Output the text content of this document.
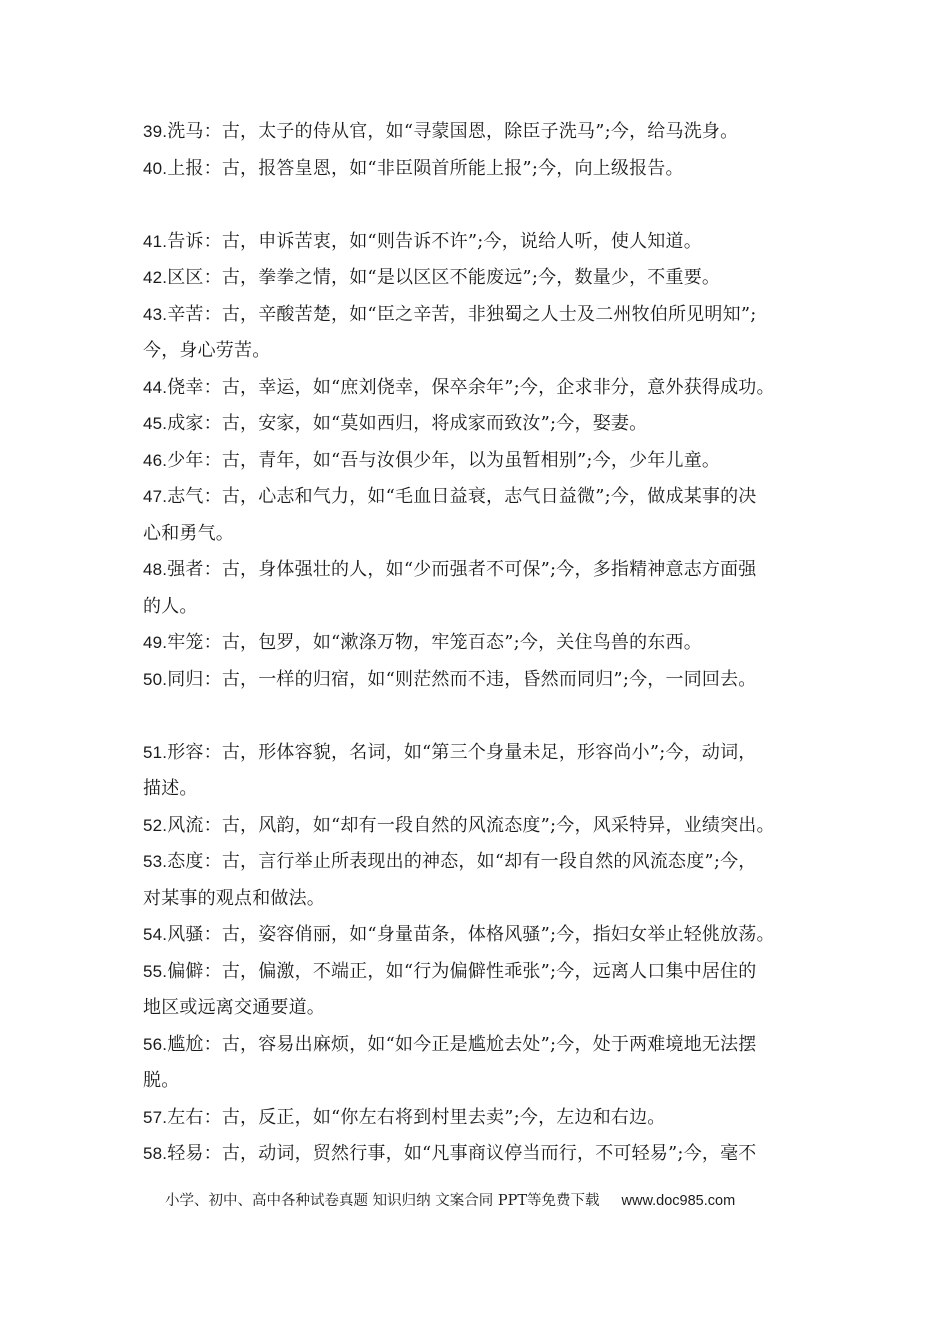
39.洗马：古，太子的侍从官，如“寻蒙国恩，除臣子洗马”;今，给马洗身。
40.上报：古，报答皇恩，如“非臣陨首所能上报”;今，向上级报告。
41.告诉：古，申诉苦衷，如“则告诉不许”;今，说给人听，使人知道。
42.区区：古，拳拳之情，如“是以区区不能废远”;今，数量少，不重要。
43.辛苦：古，辛酸苦楚，如“臣之辛苦，非独蜀之人士及二州牧伯所见明知”;
今，身心劳苦。
44.侥幸：古，幸运，如“庶刘侥幸，保卒余年”;今，企求非分，意外获得成功。
45.成家：古，安家，如“莫如西归，将成家而致汝”;今，娶妻。
46.少年：古，青年，如“吾与汝俱少年，以为虽暂相别”;今，少年儿童。
47.志气：古，心志和气力，如“毛血日益衰，志气日益微”;今，做成某事的决
心和勇气。
48.强者：古，身体强壮的人，如“少而强者不可保”;今，多指精神意志方面强
的人。
49.牢笼：古，包罗，如“漱涤万物，牢笼百态”;今，关住鸟兽的东西。
50.同归：古，一样的归宿，如“则茫然而不违，昏然而同归”;今，一同回去。
51.形容：古，形体容貌，名词，如“第三个身量未足，形容尚小”;今，动词，
描述。
52.风流：古，风韵，如“却有一段自然的风流态度”;今，风采特异，业绩突出。
53.态度：古，言行举止所表现出的神态，如“却有一段自然的风流态度”;今，
对某事的观点和做法。
54.风骚：古，姿容俏丽，如“身量苗条，体格风骚”;今，指妇女举止轻佻放荡。
55.偏僻：古，偏激，不端正，如“行为偏僻性乖张”;今，远离人口集中居住的
地区或远离交通要道。
56.尴尬：古，容易出麻烦，如“如今正是尴尬去处”;今，处于两难境地无法摆
脱。
57.左右：古，反正，如“你左右将到村里去卖”;今，左边和右边。
58.轻易：古，动词，贸然行事，如“凡事商议停当而行，不可轻易”;今，毫不
小学、初中、高中各种试卷真题 知识归纳 文案合同 PPT等免费下载 www.doc985.com
